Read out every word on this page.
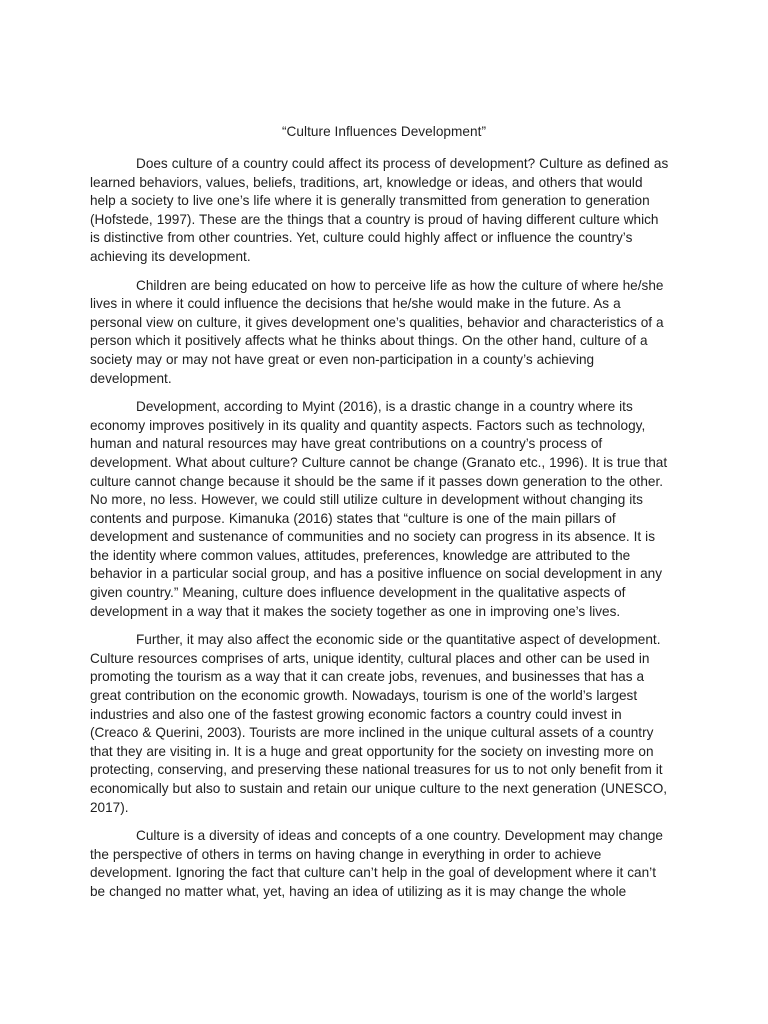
“Culture Influences Development”

Does culture of a country could affect its process of development? Culture as defined as learned behaviors, values, beliefs, traditions, art, knowledge or ideas, and others that would help a society to live one’s life where it is generally transmitted from generation to generation (Hofstede, 1997). These are the things that a country is proud of having different culture which is distinctive from other countries. Yet, culture could highly affect or influence the country’s achieving its development.

Children are being educated on how to perceive life as how the culture of where he/she lives in where it could influence the decisions that he/she would make in the future. As a personal view on culture, it gives development one’s qualities, behavior and characteristics of a person which it positively affects what he thinks about things. On the other hand, culture of a society may or may not have great or even non-participation in a county’s achieving development.

Development, according to Myint (2016), is a drastic change in a country where its economy improves positively in its quality and quantity aspects. Factors such as technology, human and natural resources may have great contributions on a country’s process of development. What about culture? Culture cannot be change (Granato etc., 1996). It is true that culture cannot change because it should be the same if it passes down generation to the other. No more, no less. However, we could still utilize culture in development without changing its contents and purpose. Kimanuka (2016) states that “culture is one of the main pillars of development and sustenance of communities and no society can progress in its absence. It is the identity where common values, attitudes, preferences, knowledge are attributed to the behavior in a particular social group, and has a positive influence on social development in any given country.” Meaning, culture does influence development in the qualitative aspects of development in a way that it makes the society together as one in improving one’s lives.

Further, it may also affect the economic side or the quantitative aspect of development. Culture resources comprises of arts, unique identity, cultural places and other can be used in promoting the tourism as a way that it can create jobs, revenues, and businesses that has a great contribution on the economic growth. Nowadays, tourism is one of the world’s largest industries and also one of the fastest growing economic factors a country could invest in (Creaco & Querini, 2003). Tourists are more inclined in the unique cultural assets of a country that they are visiting in. It is a huge and great opportunity for the society on investing more on protecting, conserving, and preserving these national treasures for us to not only benefit from it economically but also to sustain and retain our unique culture to the next generation (UNESCO, 2017).

Culture is a diversity of ideas and concepts of a one country. Development may change the perspective of others in terms on having change in everything in order to achieve development. Ignoring the fact that culture can’t help in the goal of development where it can’t be changed no matter what, yet, having an idea of utilizing as it is may change the whole
